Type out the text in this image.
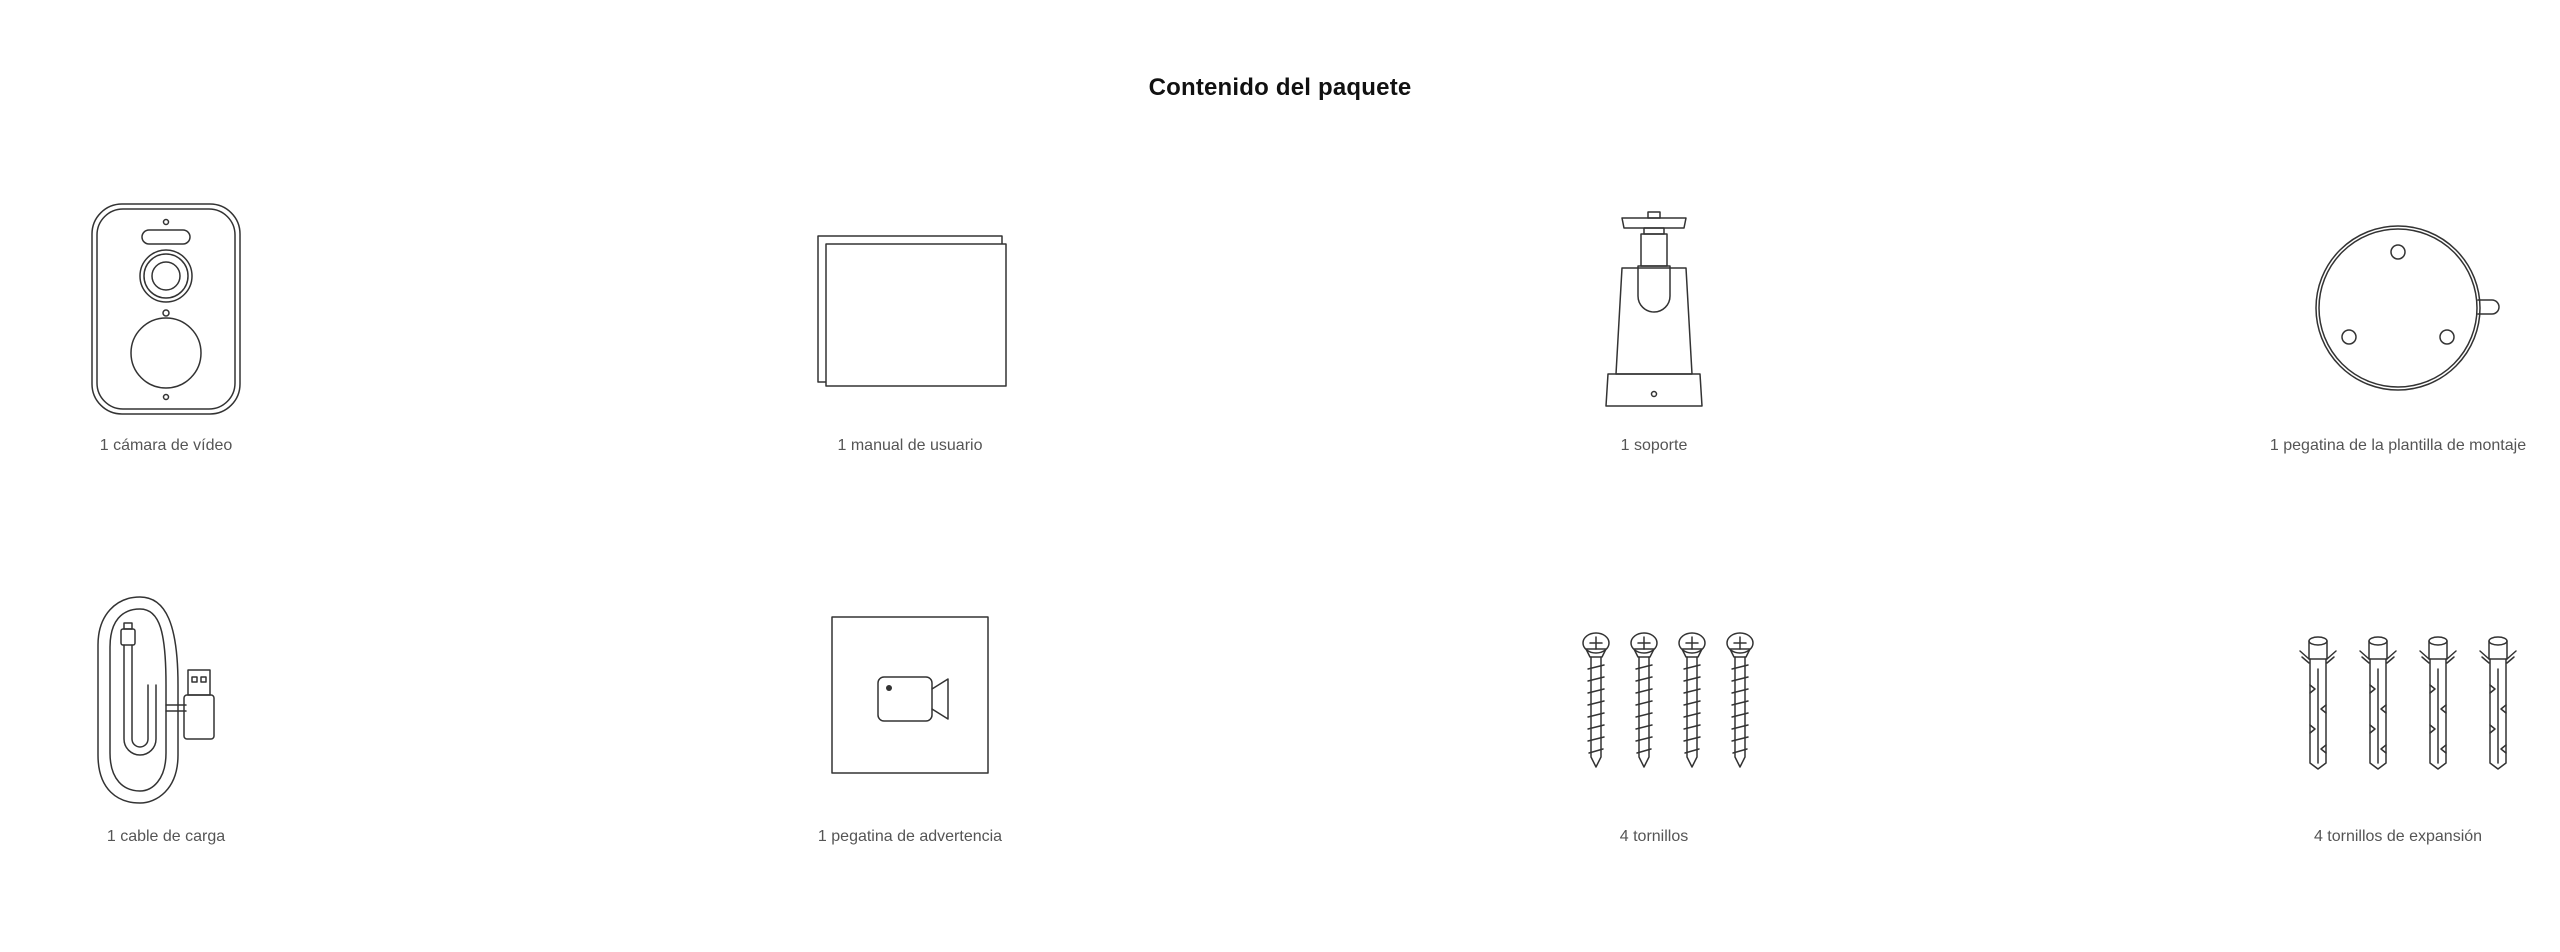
Contenido del paquete
1 cámara de vídeo	1 manual de usuario	1 soporte	1 pegatina de la plantilla de montaje
1 cable de carga	1 pegatina de advertencia	4 tornillos	4 tornillos de expansión
